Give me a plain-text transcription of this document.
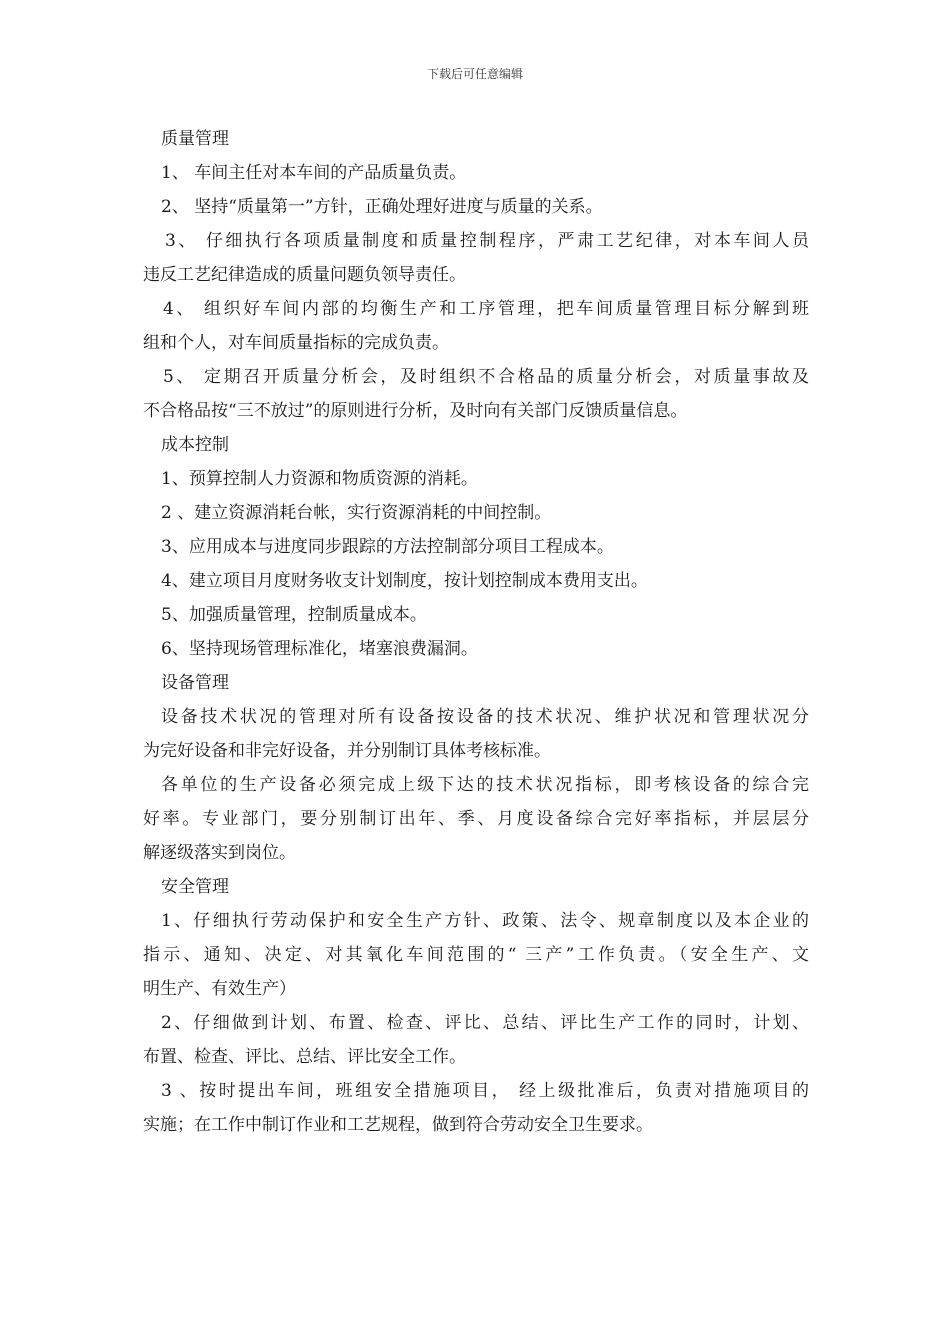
下载后可任意编辑
质量管理
1、 车间主任对本车间的产品质量负责。
2、 坚持“质量第一”方针，正确处理好进度与质量的关系。
3、 仔细执行各项质量制度和质量控制程序，严肃工艺纪律，对本车间人员
违反工艺纪律造成的质量问题负领导责任。
4、 组织好车间内部的均衡生产和工序管理，把车间质量管理目标分解到班
组和个人，对车间质量指标的完成负责。
5、 定期召开质量分析会，及时组织不合格品的质量分析会，对质量事故及
不合格品按“三不放过”的原则进行分析，及时向有关部门反馈质量信息。
成本控制
1、预算控制人力资源和物质资源的消耗。
2 、建立资源消耗台帐，实行资源消耗的中间控制。
3、应用成本与进度同步跟踪的方法控制部分项目工程成本。
4、建立项目月度财务收支计划制度，按计划控制成本费用支出。
5、加强质量管理，控制质量成本。
6、坚持现场管理标准化，堵塞浪费漏洞。
设备管理
设备技术状况的管理对所有设备按设备的技术状况、维护状况和管理状况分
为完好设备和非完好设备，并分别制订具体考核标准。
各单位的生产设备必须完成上级下达的技术状况指标，即考核设备的综合完
好率。专业部门，要分别制订出年、季、月度设备综合完好率指标，并层层分
解逐级落实到岗位。
安全管理
1、仔细执行劳动保护和安全生产方针、政策、法令、规章制度以及本企业的
指示、通知、决定、对其氧化车间范围的“ 三产”工作负责。（安全生产、文
明生产、有效生产）
2、仔细做到计划、布置、检查、评比、总结、评比生产工作的同时，计划、
布置、检查、评比、总结、评比安全工作。
3 、按时提出车间，班组安全措施项目， 经上级批准后，负责对措施项目的
实施；在工作中制订作业和工艺规程，做到符合劳动安全卫生要求。
